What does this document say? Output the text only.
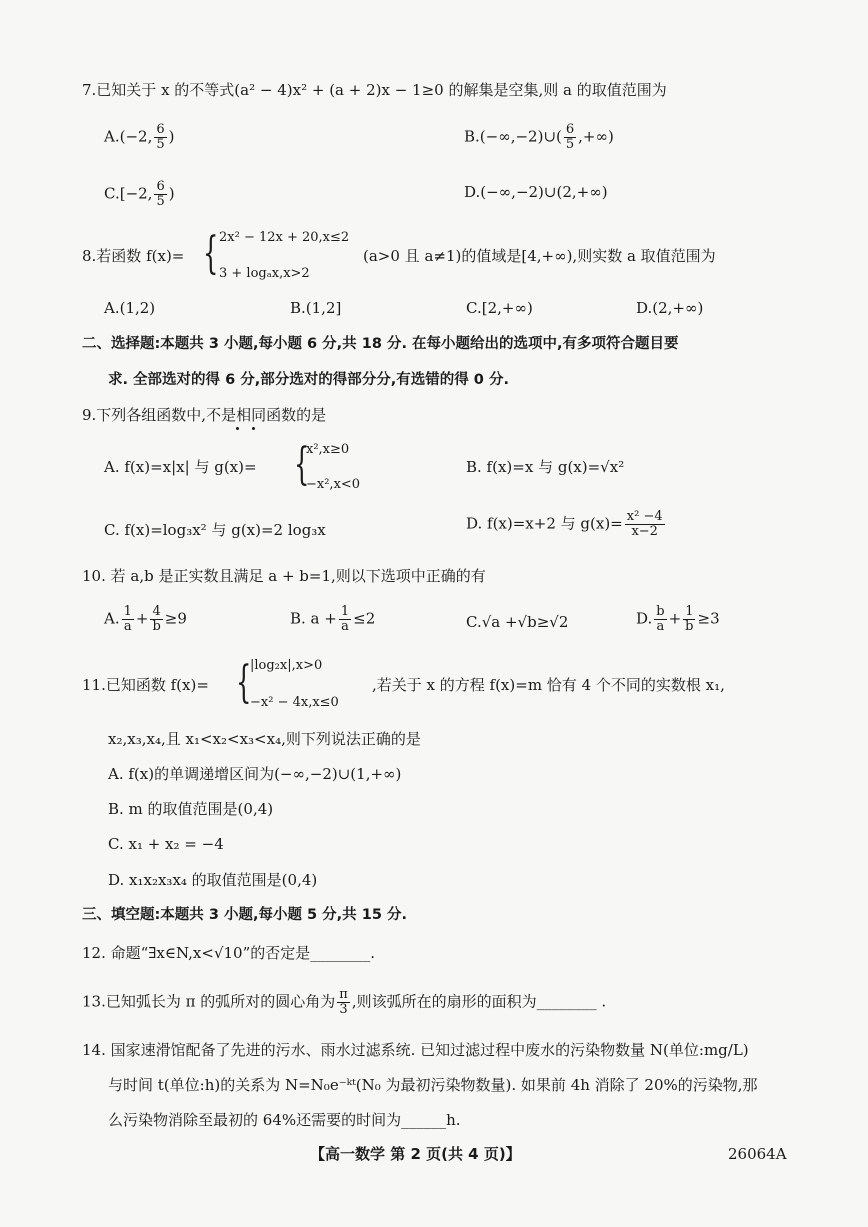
7.已知关于 x 的不等式(a² − 4)x² + (a + 2)x − 1≥0 的解集是空集,则 a 的取值范围为
A.(−2, $\frac{6}{5}$ )	B.(−∞,−2)∪( $\frac{6}{5}$ ,+∞)
C.[−2, $\frac{6}{5}$ )	D.(−∞,−2)∪(2,+∞)
8.若函数 f(x)= { 2x² − 12x + 20,x≤2
3 + logₐx,x>2
(a>0 且 a≠1)的值域是[4,+∞),则实数 a 取值范围为
A.(1,2)	B.(1,2]	C.[2,+∞)	D.(2,+∞)
二、选择题:本题共 3 小题,每小题 6 分,共 18 分. 在每小题给出的选项中,有多项符合题目要
求. 全部选对的得 6 分,部分选对的得部分分,有选错的得 0 分.
9.下列各组函数中,不是相同函数的是
A. f(x)=x|x| 与 g(x)= {
x²,x≥0
−x²,x<0
B. f(x)=x 与 g(x)=√x²
C. f(x)=log₃x² 与 g(x)=2 log₃x	D. f(x)=x+2 与 $g(x)= \frac{\text{x² −4}}{x-2}$
10. 若 a,b 是正实数且满足 a + b=1,则以下选项中正确的有
A. $\frac{1}{a} + \frac{4}{b} \ge 9$	B. $a + \frac{1}{a} \le 2$	C.√a +√b≥√2	D. $\frac{b}{a} + \frac{1}{b} \ge 3$
11.已知函数 f(x)= {
|log₂x|,x>0
−x² − 4x,x≤0
,若关于 x 的方程 f(x)=m 恰有 4 个不同的实数根 x₁,
x₂,x₃,x₄,且 x₁<x₂<x₃<x₄,则下列说法正确的是
A. f(x)的单调递增区间为(−∞,−2)∪(1,+∞)
B. m 的取值范围是(0,4)
C. x₁ + x₂ = −4
D. x₁x₂x₃x₄ 的取值范围是(0,4)
三、填空题:本题共 3 小题,每小题 5 分,共 15 分.
12. 命题“∃x∈N,x<√10”的否定是________.
13.已知弧长为 π 的弧所对的圆心角为 $\frac{\pi}{3}$ ,则该弧所在的扇形的面积为________ .
14. 国家速滑馆配备了先进的污水、雨水过滤系统. 已知过滤过程中废水的污染物数量 N(单位:mg/L)
与时间 t(单位:h)的关系为 N=N₀e⁻ᵏᵗ(N₀ 为最初污染物数量). 如果前 4h 消除了 20%的污染物,那
么污染物消除至最初的 64%还需要的时间为______h.
【高一数学 第 2 页(共 4 页)】	26064A
